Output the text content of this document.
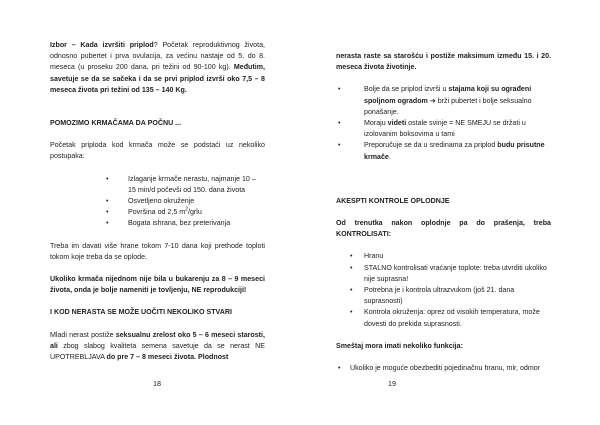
Izbor – Kada izvršiti priplod? Početak reproduktivnog života, odnosno pubertet i prva ovulacija, za većinu nastaje od 5. do 8. meseca (u proseku 200 dana, pri težini od 90-100 kg). Međutim, savetuje se da se sačeka i da se prvi priplod izvrši oko 7,5 – 8 meseca života pri težini od 135 – 140 Kg.

POMOZIMO KRMAČAMA DA POČNU ...

Početak priploda kod krmača može se podstaći uz nekoliko postupaka:

• Izlaganje krmače nerastu, najmanje 10 – 15 min/d počevši od 150. dana života
• Osvetljeno okruženje
• Površina od 2,5 $m^2$/grlu
• Bogata ishrana, bez preterivanja

Treba im davati više hrane tokom 7-10 dana koji prethode toploti tokom koje treba da se oplode.

Ukoliko krmača nijednom nije bila u bukarenju za 8 – 9 meseci života, onda je bolje nameniti je tovljenju, NE reprodukciji!

I KOD NERASTA SE MOŽE UOČITI NEKOLIKO STVARI

Mladi nerast postiže seksualnu zrelost oko 5 – 6 meseci starosti, ali zbog slabog kvaliteta semena savetuje da se nerast NE UPOTREBLJAVA do pre 7 – 8 meseci života. Plodnost

18

nerasta raste sa starošću i postiže maksimum između 15. i 20. meseca života životinje.

• Bolje da se priplod izvrši u stajama koji su ograđeni spoljnom ogradom ➔ brži pubertet i bolje seksualno ponašanje.
• Moraju videti ostale svinje = NE SMEJU se držati u izolovanim boksovima u tami
• Preporučuje se da u sredinama za priplod budu prisutne krmače.

AKESPTI KONTROLE OPLODNJE

Od trenutka nakon oplodnje pa do prašenja, treba KONTROLISATI:

• Hranu
• STALNO kontrolisati vraćanje toplote: treba utvrditi ukoliko nije suprasna!
• Potrebna je i kontrola ultrazvukom (još 21. dana suprasnosti)
• Kontrola okruženja: oprez od visokih temperatura, može dovesti do prekida suprasnosti.

Smeštaj mora imati nekoliko funkcija:

• Ukoliko je moguće obezbediti pojedinačnu hranu, mir, odmor
19
